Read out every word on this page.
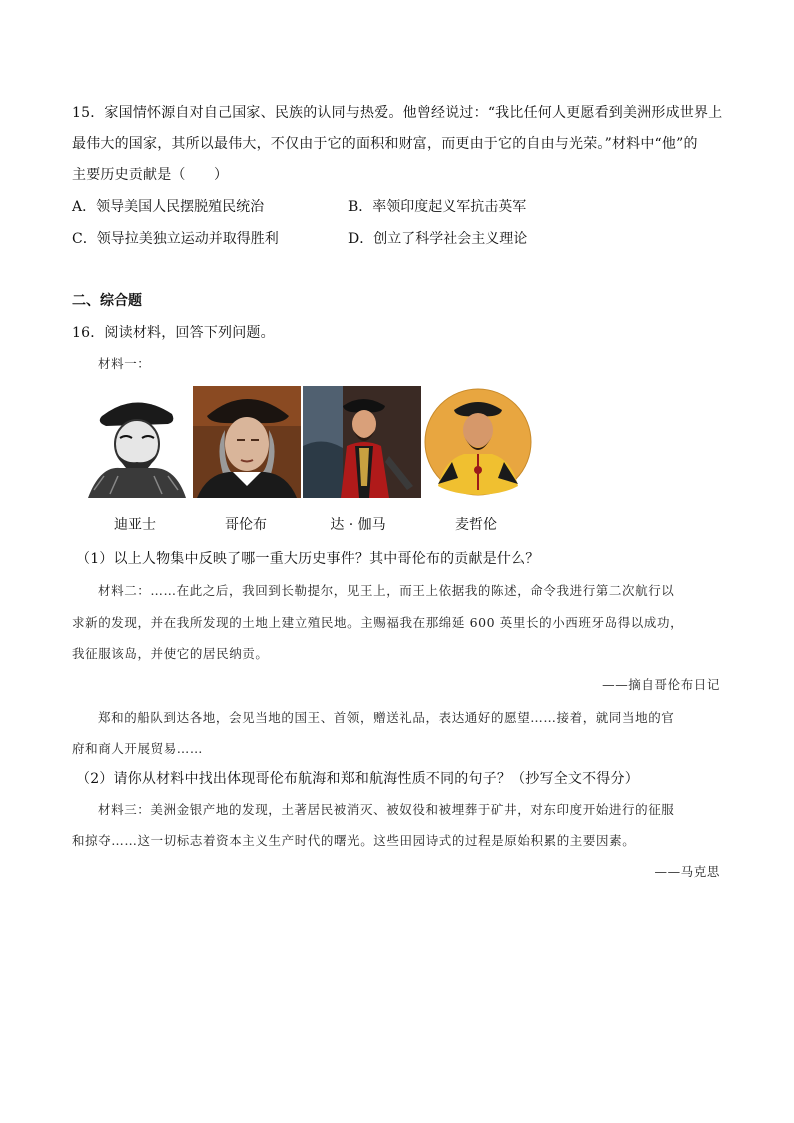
15．家国情怀源自对自己国家、民族的认同与热爱。他曾经说过：“我比任何人更愿看到美洲形成世界上
最伟大的国家，其所以最伟大，不仅由于它的面积和财富，而更由于它的自由与光荣。”材料中“他”的
主要历史贡献是（　　）
A．领导美国人民摆脱殖民统治	B．率领印度起义军抗击英军
C．领导拉美独立运动并取得胜利	D．创立了科学社会主义理论
二、综合题
16．阅读材料，回答下列问题。
材料一：
迪亚士	哥伦布	达 · 伽马	麦哲伦
（1）以上人物集中反映了哪一重大历史事件？其中哥伦布的贡献是什么？
材料二：……在此之后，我回到长勒提尔，见王上，而王上依据我的陈述，命令我进行第二次航行以
求新的发现，并在我所发现的土地上建立殖民地。主赐福我在那绵延 600 英里长的小西班牙岛得以成功，
我征服该岛，并使它的居民纳贡。
——摘自哥伦布日记
郑和的船队到达各地，会见当地的国王、首领，赠送礼品，表达通好的愿望……接着，就同当地的官
府和商人开展贸易……
（2）请你从材料中找出体现哥伦布航海和郑和航海性质不同的句子？（抄写全文不得分）
材料三：美洲金银产地的发现，土著居民被消灭、被奴役和被埋葬于矿井，对东印度开始进行的征服
和掠夺……这一切标志着资本主义生产时代的曙光。这些田园诗式的过程是原始积累的主要因素。
——马克思
